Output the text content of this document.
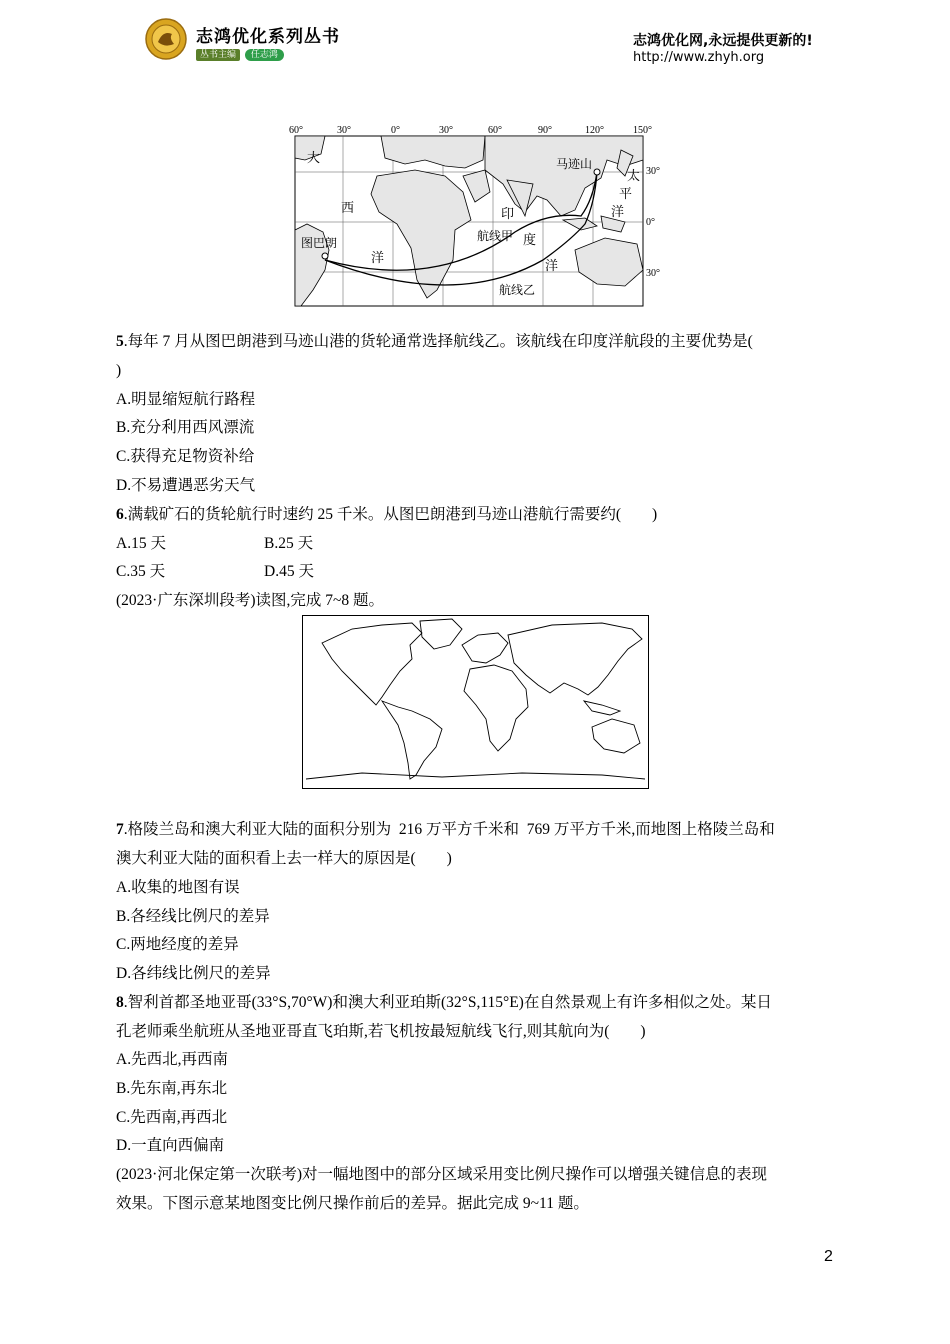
志鸿优化系列丛书
丛书主编 任志鸿
志鸿优化网,永远提供更新的!
http://www.zhyh.org
60°	30°	0°	30°	60°	90°	120°	150°
30°
0°
30°
图巴朗
马迹山
航线甲
航线乙
大
西
洋
印
度
洋
太
平
洋
5.每年 7 月从图巴朗港到马迹山港的货轮通常选择航线乙。该航线在印度洋航段的主要优势是(
)
A.明显缩短航行路程
B.充分利用西风漂流
C.获得充足物资补给
D.不易遭遇恶劣天气
6.满载矿石的货轮航行时速约 25 千米。从图巴朗港到马迹山港航行需要约(        )
A.15 天	B.25 天
C.35 天	D.45 天
(2023·广东深圳段考)读图,完成 7~8 题。
7.格陵兰岛和澳大利亚大陆的面积分别为  216 万平方千米和  769 万平方千米,而地图上格陵兰岛和
澳大利亚大陆的面积看上去一样大的原因是(        )
A.收集的地图有误
B.各经线比例尺的差异
C.两地经度的差异
D.各纬线比例尺的差异
8.智利首都圣地亚哥(33°S,70°W)和澳大利亚珀斯(32°S,115°E)在自然景观上有许多相似之处。某日
孔老师乘坐航班从圣地亚哥直飞珀斯,若飞机按最短航线飞行,则其航向为(        )
A.先西北,再西南
B.先东南,再东北
C.先西南,再西北
D.一直向西偏南
(2023·河北保定第一次联考)对一幅地图中的部分区域采用变比例尺操作可以增强关键信息的表现
效果。下图示意某地图变比例尺操作前后的差异。据此完成 9~11 题。
2
